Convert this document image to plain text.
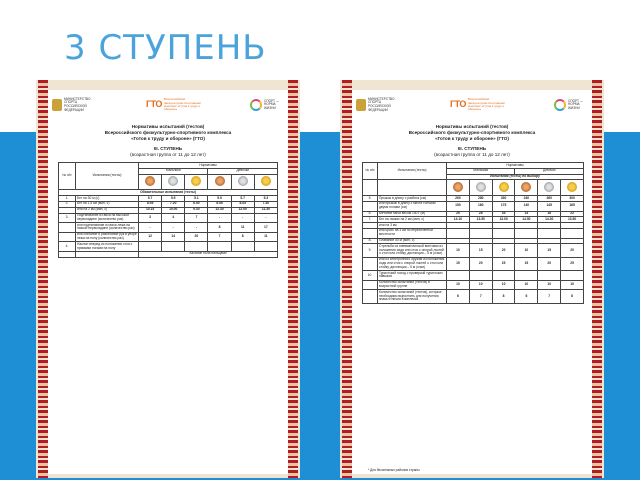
3 СТУПЕНЬ
МИНИСТЕРСТВО СПОРТА РОССИЙСКОЙ ФЕДЕРАЦИИ
ГТО
Всероссийский физкультурно-спортивный комплекс «Готов к труду и обороне»
СПОРТ — НОРМА ЖИЗНИ
Нормативы испытаний (тестов)
Всероссийского физкультурно-спортивного комплекса
«Готов к труду и обороне» (ГТО)
III. СТУПЕНЬ
(возрастная группа от 11 до 12 лет)
№ п/п	Испытания (тесты)	Нормативы					
		Мальчики			Девочки		

Обязательные испытания (тесты)							
1.	Бег на 30 м (с)	5.7	5.5	5.1	5.9	5.7	5.3
2.	Бег на 1,5 км (мин, с)	8.05	7.20	6.50	8.55	8.05	7.30
	или на 2 км (мин, с)	10.15	10.00	9.30	12.30	12.00	11.30
3.	Подтягивание из виса на высокой перекладине (количество раз)	3	4	7	-	-	-
	или подтягивание из виса лежа на низкой перекладине (количество раз)	-	-	-	8	11	17
	или сгибание и разгибание рук в упоре лежа на полу (количество раз)	12	14	20	7	8	11
4.	Наклон вперед из положения стоя с прямыми ногами на полу						
		Касание пола пальцами					
МИНИСТЕРСТВО СПОРТА РОССИЙСКОЙ ФЕДЕРАЦИИ
ГТО
Всероссийский физкультурно-спортивный комплекс «Готов к труду и обороне»
СПОРТ — НОРМА ЖИЗНИ
Нормативы испытаний (тестов)
Всероссийского физкультурно-спортивного комплекса
«Готов к труду и обороне» (ГТО)
III. СТУПЕНЬ
(возрастная группа от 11 до 12 лет)
№ п/п	Испытания (тесты)	Нормативы					
		Мальчики			Девочки		
		Испытания (тесты) по выбору					

5.	Прыжок в длину с разбега (см)	260	280	330	240	260	300
	или прыжок в длину с места толчком двумя ногами (см)	150	160	175	140	145	165
6.	Метание мяча весом 150 г (м)	25	28	34	14	18	22
7.	Бег на лыжах на 2 км (мин, с)	14.10	13.50	13.00	14.50	14.30	13.50
	или на 3 км						
	или кросс на 3 км по пересеченной местности						
8.	Плавание 50 м (мин, с)						
9.	Стрельба из пневматической винтовки из положения сидя или стоя с опорой локтей о стол или стойку, дистанция – 5 м (очки)	10	15	20	10	15	20
	или из электронного оружия из положения сидя или стоя с опорой локтей о стол или стойку, дистанция – 5 м (очки)	15	20	25	15	20	25
10.	Туристский поход с проверкой туристских навыков						
	Количество испытаний (тестов) в возрастной группе	10	10	10	10	10	10
	Количество испытаний (тестов), которые необходимо выполнить для получения знака отличия Комплекса	6	7	8	6	7	8
* Для бесснежных районов страны
